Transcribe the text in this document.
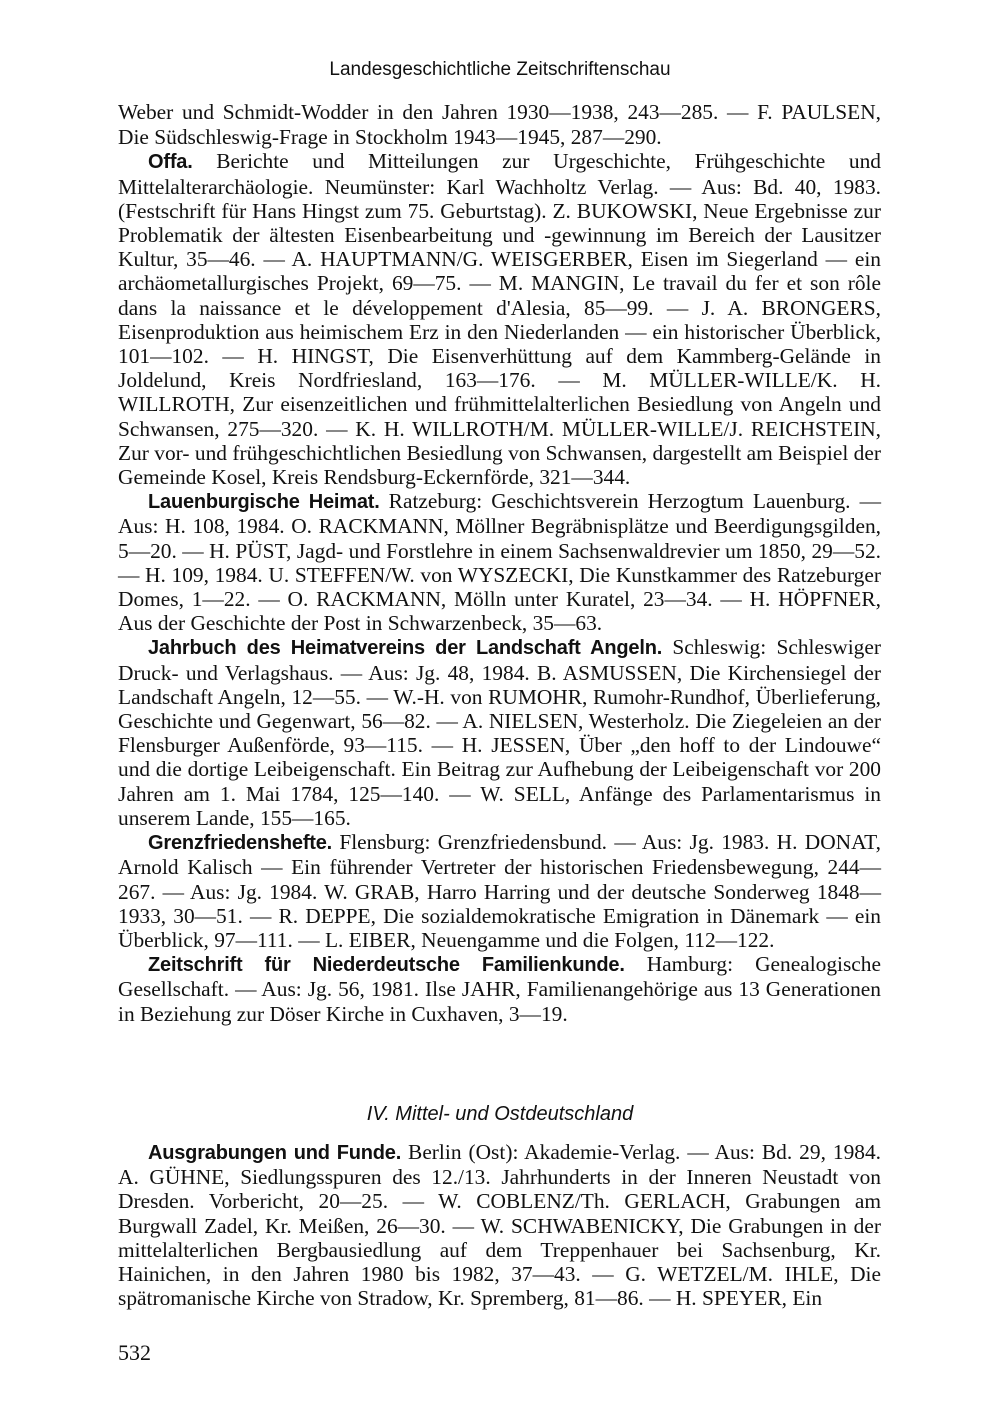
Landesgeschichtliche Zeitschriftenschau

Weber und Schmidt-Wodder in den Jahren 1930—1938, 243—285. — F. PAULSEN, Die Südschleswig-Frage in Stockholm 1943—1945, 287—290.

Offa. Berichte und Mitteilungen zur Urgeschichte, Frühgeschichte und Mittelalterarchäologie. Neumünster: Karl Wachholtz Verlag. — Aus: Bd. 40, 1983. (Festschrift für Hans Hingst zum 75. Geburtstag). Z. BUKOWSKI, Neue Ergebnisse zur Problematik der ältesten Eisenbearbeitung und -gewinnung im Bereich der Lausitzer Kultur, 35—46. — A. HAUPTMANN/G. WEISGERBER, Eisen im Siegerland — ein archäometallurgisches Projekt, 69—75. — M. MANGIN, Le travail du fer et son rôle dans la naissance et le développement d'Alesia, 85—99. — J. A. BRONGERS, Eisenproduktion aus heimischem Erz in den Niederlanden — ein historischer Überblick, 101—102. — H. HINGST, Die Eisenverhüttung auf dem Kammberg-Gelände in Joldelund, Kreis Nordfriesland, 163—176. — M. MÜLLER-WILLE/K. H. WILLROTH, Zur eisenzeitlichen und frühmittelalterlichen Besiedlung von Angeln und Schwansen, 275—320. — K. H. WILLROTH/M. MÜLLER-WILLE/J. REICHSTEIN, Zur vor- und frühgeschichtlichen Besiedlung von Schwansen, dargestellt am Beispiel der Gemeinde Kosel, Kreis Rendsburg-Eckernförde, 321—344.

Lauenburgische Heimat. Ratzeburg: Geschichtsverein Herzogtum Lauenburg. — Aus: H. 108, 1984. O. RACKMANN, Möllner Begräbnisplätze und Beerdigungsgilden, 5—20. — H. PÜST, Jagd- und Forstlehre in einem Sachsenwaldrevier um 1850, 29—52. — H. 109, 1984. U. STEFFEN/W. von WYSZECKI, Die Kunstkammer des Ratzeburger Domes, 1—22. — O. RACKMANN, Mölln unter Kuratel, 23—34. — H. HÖPFNER, Aus der Geschichte der Post in Schwarzenbeck, 35—63.

Jahrbuch des Heimatvereins der Landschaft Angeln. Schleswig: Schleswiger Druck- und Verlagshaus. — Aus: Jg. 48, 1984. B. ASMUSSEN, Die Kirchensiegel der Landschaft Angeln, 12—55. — W.-H. von RUMOHR, Rumohr-Rundhof, Überlieferung, Geschichte und Gegenwart, 56—82. — A. NIELSEN, Westerholz. Die Ziegeleien an der Flensburger Außenförde, 93—115. — H. JESSEN, Über „den hoff to der Lindouwe“ und die dortige Leibeigenschaft. Ein Beitrag zur Aufhebung der Leibeigenschaft vor 200 Jahren am 1. Mai 1784, 125—140. — W. SELL, Anfänge des Parlamentarismus in unserem Lande, 155—165.

Grenzfriedenshefte. Flensburg: Grenzfriedensbund. — Aus: Jg. 1983. H. DONAT, Arnold Kalisch — Ein führender Vertreter der historischen Friedensbewegung, 244—267. — Aus: Jg. 1984. W. GRAB, Harro Harring und der deutsche Sonderweg 1848—1933, 30—51. — R. DEPPE, Die sozialdemokratische Emigration in Dänemark — ein Überblick, 97—111. — L. EIBER, Neuengamme und die Folgen, 112—122.

Zeitschrift für Niederdeutsche Familienkunde. Hamburg: Genealogische Gesellschaft. — Aus: Jg. 56, 1981. Ilse JAHR, Familienangehörige aus 13 Generationen in Beziehung zur Döser Kirche in Cuxhaven, 3—19.

IV. Mittel- und Ostdeutschland

Ausgrabungen und Funde. Berlin (Ost): Akademie-Verlag. — Aus: Bd. 29, 1984. A. GÜHNE, Siedlungsspuren des 12./13. Jahrhunderts in der Inneren Neustadt von Dresden. Vorbericht, 20—25. — W. COBLENZ/Th. GERLACH, Grabungen am Burgwall Zadel, Kr. Meißen, 26—30. — W. SCHWABENICKY, Die Grabungen in der mittelalterlichen Bergbausiedlung auf dem Treppenhauer bei Sachsenburg, Kr. Hainichen, in den Jahren 1980 bis 1982, 37—43. — G. WETZEL/M. IHLE, Die spätromanische Kirche von Stradow, Kr. Spremberg, 81—86. — H. SPEYER, Ein

532
